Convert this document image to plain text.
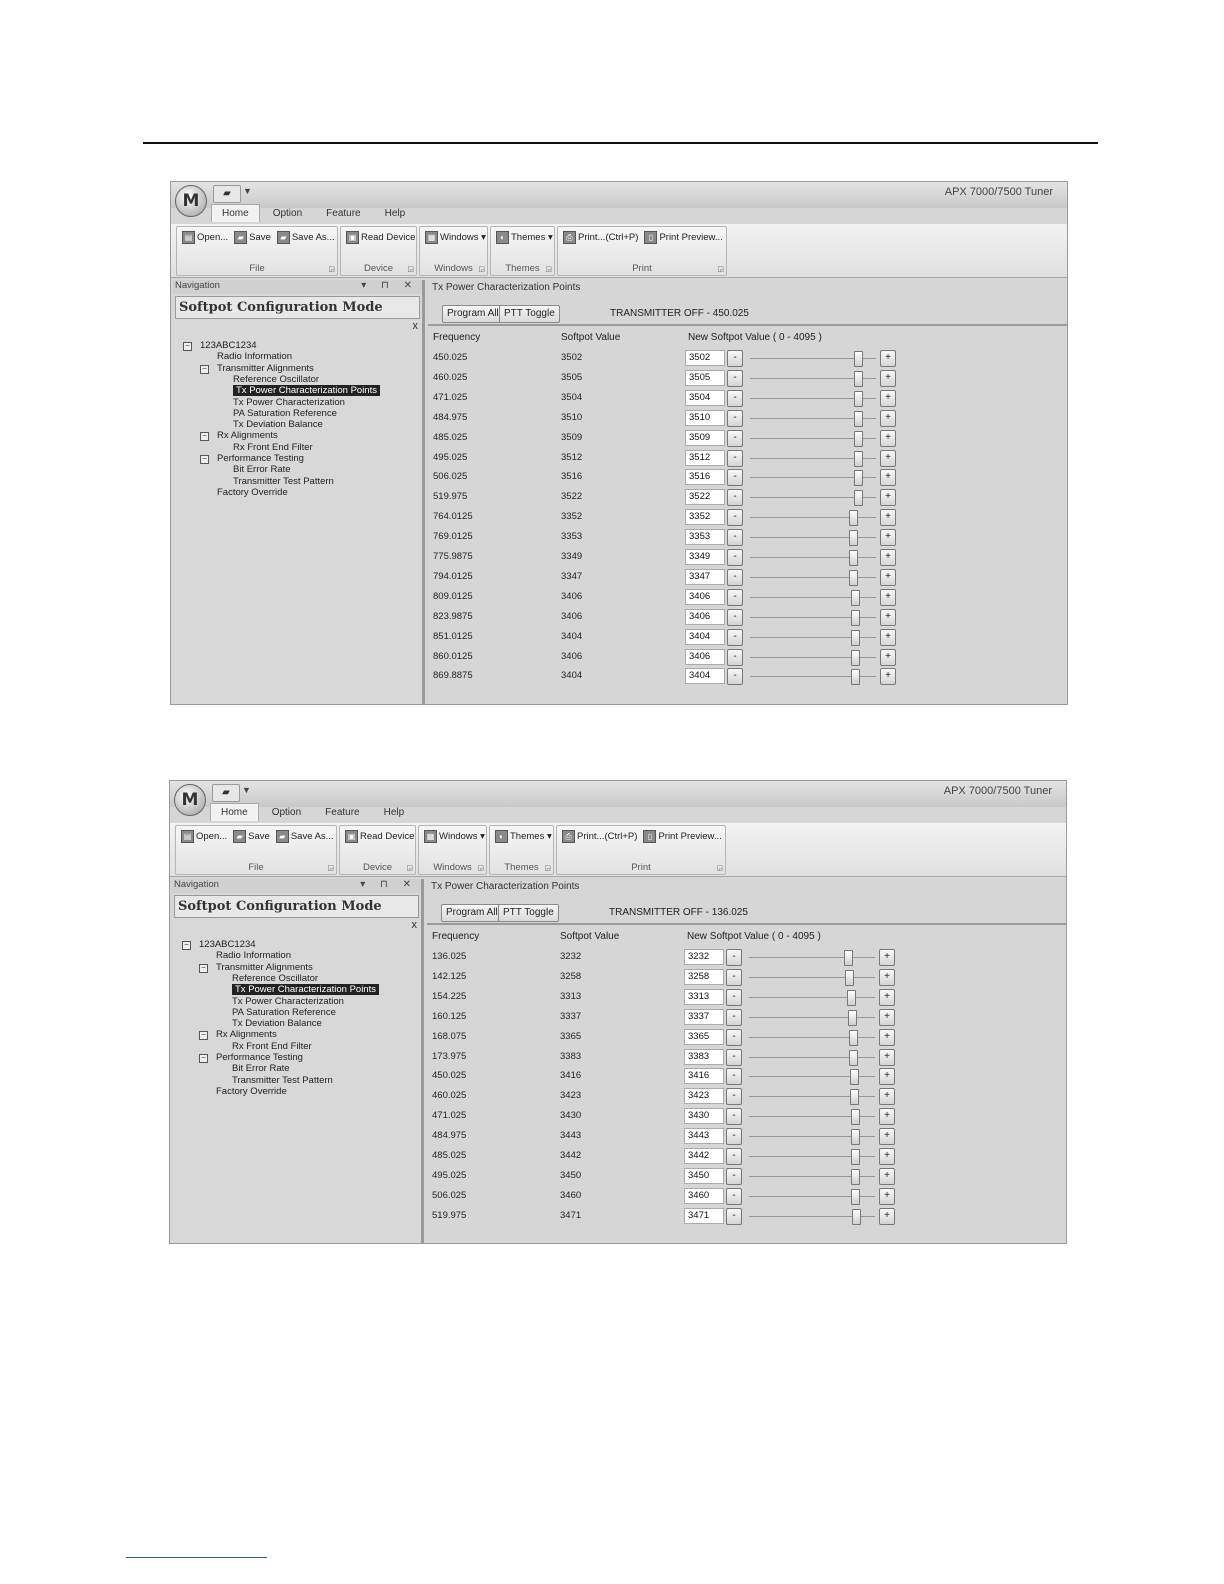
▰	▼	APX 7000/7500 Tuner
M
Home	Option	Feature	Help
▤ Open...	▰ Save	▰ Save As...
File	◲
▣ Read Device
Device	◲
▦ Windows ▾
Windows ◲
◐ Themes ▾
Themes ◲
⎙ Print...(Ctrl+P)	▯ Print Preview...
Print	◲
Navigation	▾ ⊓ ✕
Softpot Configuration Mode
x
− 123ABC1234
Radio Information
− Transmitter Alignments
Reference Oscillator
Tx Power Characterization Points
Tx Power Characterization
PA Saturation Reference
Tx Deviation Balance
− Rx Alignments
Rx Front End Filter
− Performance Testing
Bit Error Rate
Transmitter Test Pattern
Factory Override
Tx Power Characterization Points
Program All PTT Toggle	TRANSMITTER OFF - 450.025
Frequency	Softpot Value	New Softpot Value ( 0 - 4095 )
450.025	3502	3502	-	+
460.025	3505	3505	-	+
471.025	3504	3504	-	+
484.975	3510	3510	-	+
485.025	3509	3509	-	+
495.025	3512	3512	-	+
506.025	3516	3516	-	+
519.975	3522	3522	-	+
764.0125	3352	3352	-	+
769.0125	3353	3353	-	+
775.9875	3349	3349	-	+
794.0125	3347	3347	-	+
809.0125	3406	3406	-	+
823.9875	3406	3406	-	+
851.0125	3404	3404	-	+
860.0125	3406	3406	-	+
869.8875	3404	3404	-	+
▰	▼	APX 7000/7500 Tuner
M
Home	Option	Feature	Help
▤ Open...	▰ Save	▰ Save As...
File	◲
▣ Read Device
Device	◲
▦ Windows ▾
Windows ◲
◐ Themes ▾
Themes ◲
⎙ Print...(Ctrl+P)	▯ Print Preview...
Print	◲
Navigation	▾ ⊓ ✕
Softpot Configuration Mode
x
− 123ABC1234
Radio Information
− Transmitter Alignments
Reference Oscillator
Tx Power Characterization Points
Tx Power Characterization
PA Saturation Reference
Tx Deviation Balance
− Rx Alignments
Rx Front End Filter
− Performance Testing
Bit Error Rate
Transmitter Test Pattern
Factory Override
Tx Power Characterization Points
Program All PTT Toggle	TRANSMITTER OFF - 136.025
Frequency	Softpot Value	New Softpot Value ( 0 - 4095 )
136.025	3232	3232	-	+
142.125	3258	3258	-	+
154.225	3313	3313	-	+
160.125	3337	3337	-	+
168.075	3365	3365	-	+
173.975	3383	3383	-	+
450.025	3416	3416	-	+
460.025	3423	3423	-	+
471.025	3430	3430	-	+
484.975	3443	3443	-	+
485.025	3442	3442	-	+
495.025	3450	3450	-	+
506.025	3460	3460	-	+
519.975	3471	3471	-	+
